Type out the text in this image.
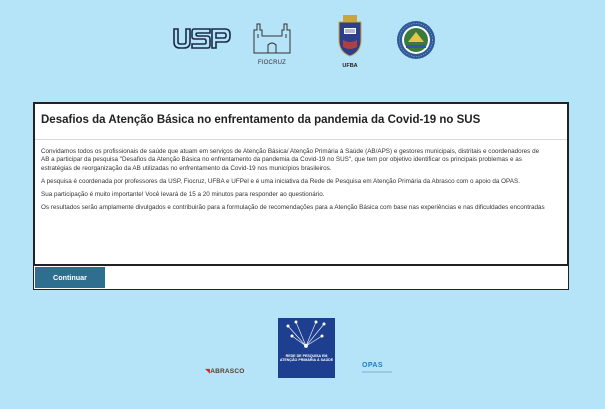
FIOCRUZ	UFBA
Desafios da Atenção Básica no enfrentamento da pandemia da Covid-19 no SUS

Convidamos todos os profissionais de saúde que atuam em serviços de Atenção Básica/ Atenção Primária à Saúde (AB/APS) e gestores municipais, distritais e coordenadores de AB a participar da pesquisa "Desafios da Atenção Básica no enfrentamento da pandemia da Covid-19 no SUS", que tem por objetivo identificar os principais problemas e as estratégias de reorganização da AB utilizadas no enfrentamento da Covid-19 nos municípios brasileiros.

A pesquisa é coordenada por professores da USP, Fiocruz, UFBA e UFPel e é uma iniciativa da Rede de Pesquisa em Atenção Primária da Abrasco com o apoio da OPAS.

Sua participação é muito importante! Você levará de 15 a 20 minutos para responder ao questionário.

Os resultados serão amplamente divulgados e contribuirão para a formulação de recomendações para a Atenção Básica com base nas experiências e nas dificuldades encontradas

Continuar
◥ABRASCO
REDE DE PESQUISA EM ATENÇÃO PRIMÁRIA À SAÚDE
OPAS
